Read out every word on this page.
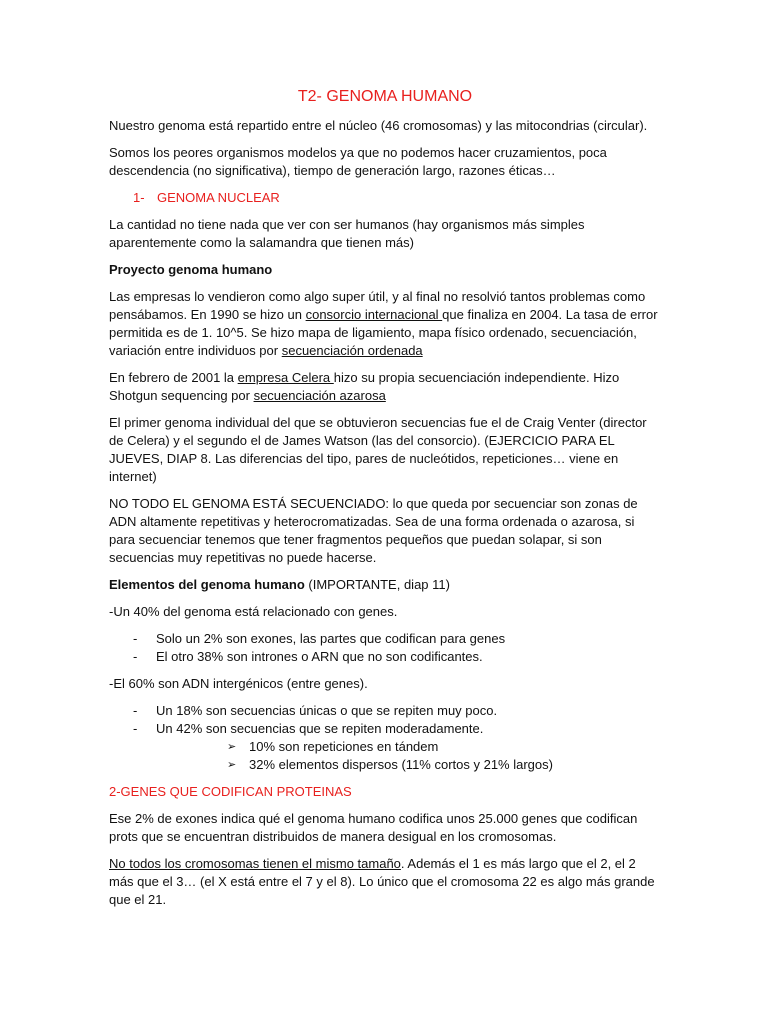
T2- GENOMA HUMANO

Nuestro genoma está repartido entre el núcleo (46 cromosomas) y las mitocondrias (circular).

Somos los peores organismos modelos ya que no podemos hacer cruzamientos, poca descendencia (no significativa), tiempo de generación largo, razones éticas…

1- GENOMA NUCLEAR

La cantidad no tiene nada que ver con ser humanos (hay organismos más simples aparentemente como la salamandra que tienen más)

Proyecto genoma humano

Las empresas lo vendieron como algo super útil, y al final no resolvió tantos problemas como pensábamos. En 1990 se hizo un consorcio internacional que finaliza en 2004. La tasa de error permitida es de 1. 10^5. Se hizo mapa de ligamiento, mapa físico ordenado, secuenciación, variación entre individuos por secuenciación ordenada

En febrero de 2001 la empresa Celera hizo su propia secuenciación independiente. Hizo Shotgun sequencing por secuenciación azarosa

El primer genoma individual del que se obtuvieron secuencias fue el de Craig Venter (director de Celera) y el segundo el de James Watson (las del consorcio). (EJERCICIO PARA EL JUEVES, DIAP 8. Las diferencias del tipo, pares de nucleótidos, repeticiones… viene en internet)

NO TODO EL GENOMA ESTÁ SECUENCIADO: lo que queda por secuenciar son zonas de ADN altamente repetitivas y heterocromatizadas. Sea de una forma ordenada o azarosa, si para secuenciar tenemos que tener fragmentos pequeños que puedan solapar, si son secuencias muy repetitivas no puede hacerse.

Elementos del genoma humano (IMPORTANTE, diap 11)

-Un 40% del genoma está relacionado con genes.

- Solo un 2% son exones, las partes que codifican para genes
- El otro 38% son intrones o ARN que no son codificantes.

-El 60% son ADN intergénicos (entre genes).

- Un 18% son secuencias únicas o que se repiten muy poco.
- Un 42% son secuencias que se repiten moderadamente.
➢ 10% son repeticiones en tándem
➢ 32% elementos dispersos (11% cortos y 21% largos)
2-GENES QUE CODIFICAN PROTEINAS

Ese 2% de exones indica qué el genoma humano codifica unos 25.000 genes que codifican prots que se encuentran distribuidos de manera desigual en los cromosomas.

No todos los cromosomas tienen el mismo tamaño. Además el 1 es más largo que el 2, el 2 más que el 3… (el X está entre el 7 y el 8). Lo único que el cromosoma 22 es algo más grande que el 21.
